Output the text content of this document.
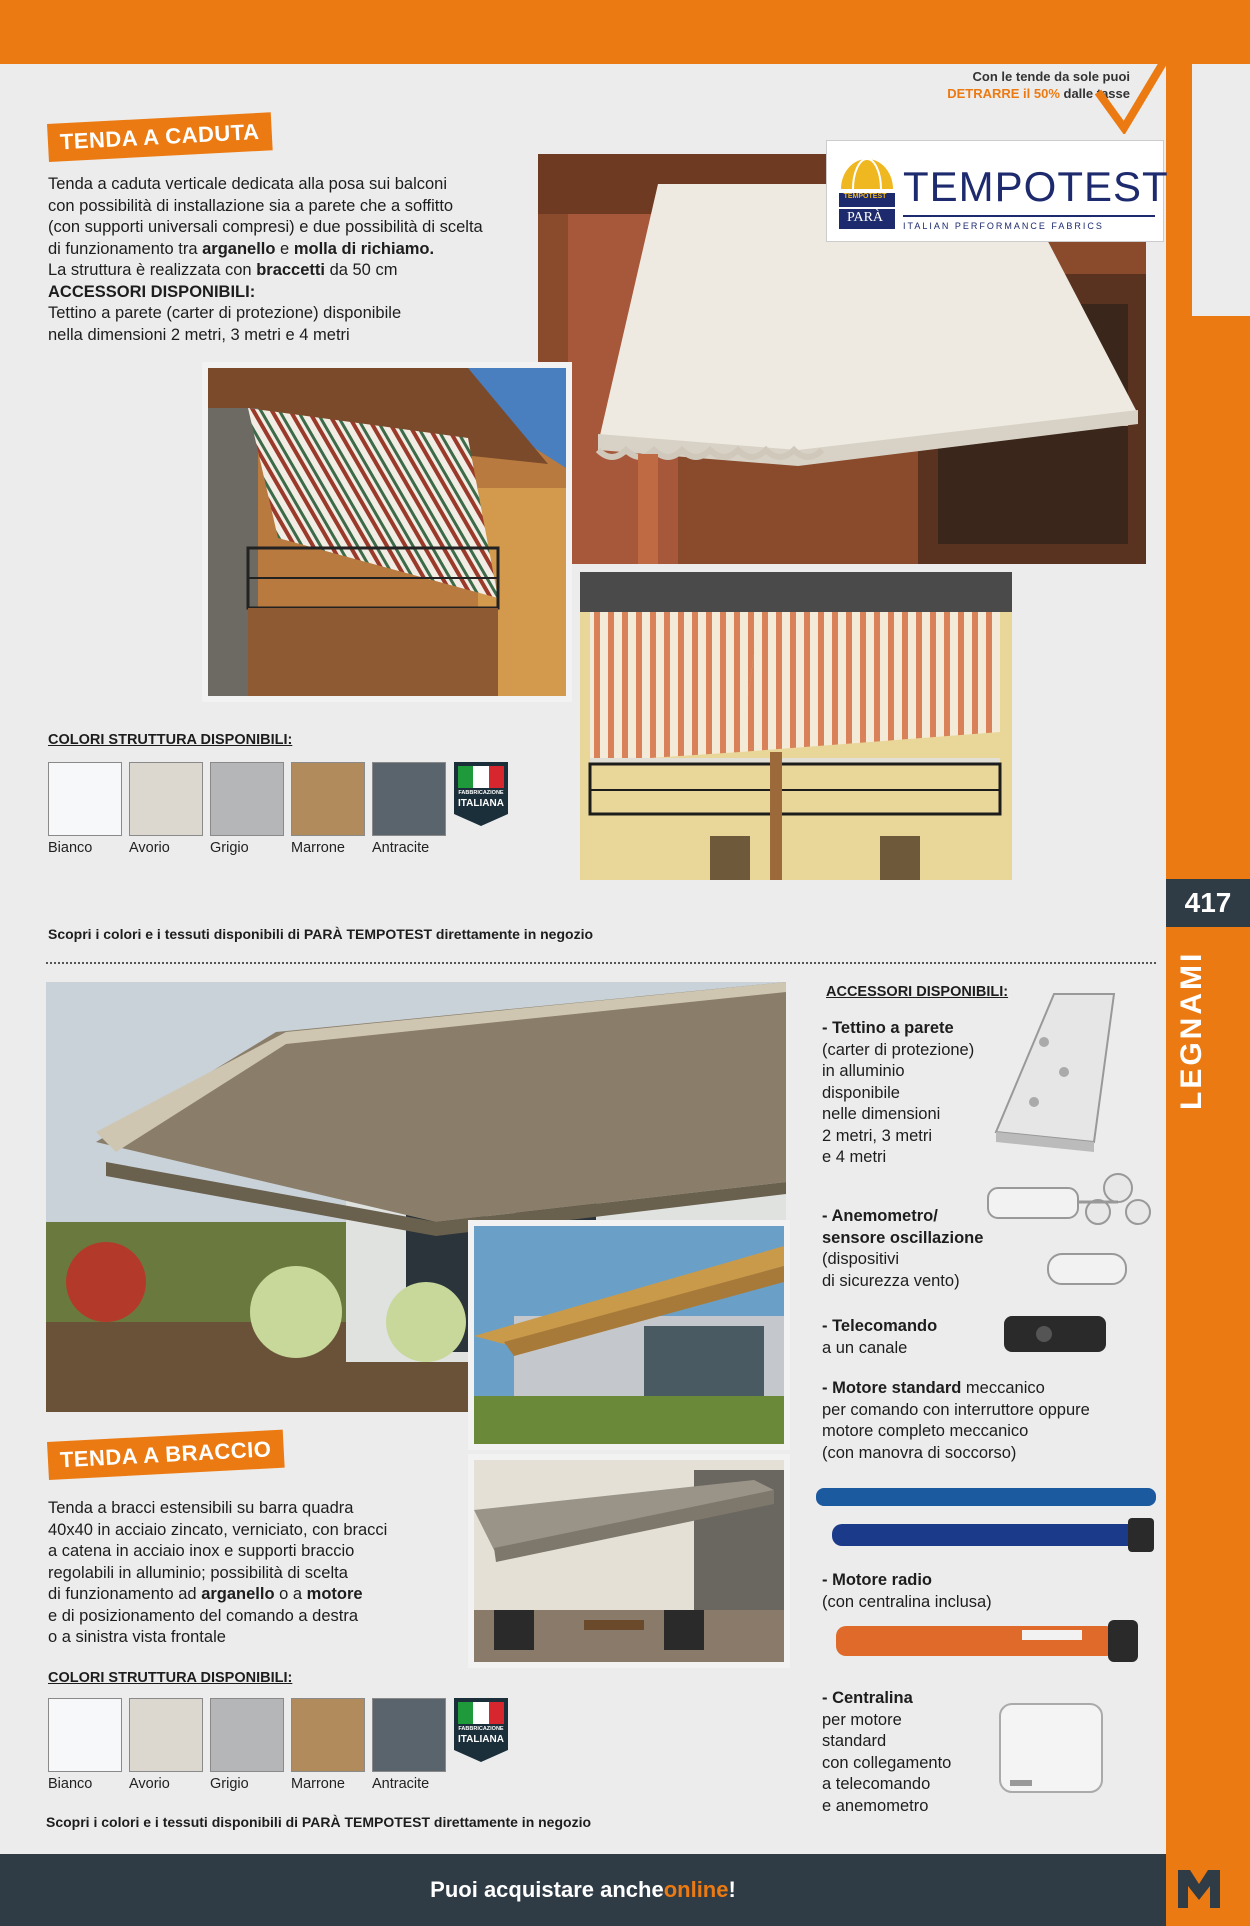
417
LEGNAMI
Con le tende da sole puoi
DETRARRE il 50% dalle tasse
TENDA A CADUTA
Tenda a caduta verticale dedicata alla posa sui balconi
con possibilità di installazione sia a parete che a soffitto
(con supporti universali compresi) e due possibilità di scelta
di funzionamento tra arganello e molla di richiamo.
La struttura è realizzata con braccetti da 50 cm
ACCESSORI DISPONIBILI:
Tettino a parete (carter di protezione) disponibile
nella dimensioni 2 metri, 3 metri e 4 metri
TEMPOTEST
PARÀ
TEMPOTEST
ITALIAN PERFORMANCE FABRICS
COLORI STRUTTURA DISPONIBILI:
Bianco	Avorio	Grigio	Marrone Antracite
FABBRICAZIONE
ITALIANA
Scopri i colori e i tessuti disponibili di PARÀ TEMPOTEST direttamente in negozio
TENDA A BRACCIO
Tenda a bracci estensibili su barra quadra
40x40 in acciaio zincato, verniciato, con bracci
a catena in acciaio inox e supporti braccio
regolabili in alluminio; possibilità di scelta
di funzionamento ad arganello o a motore
e di posizionamento del comando a destra
o a sinistra vista frontale
COLORI STRUTTURA DISPONIBILI:
Bianco	Avorio	Grigio	Marrone Antracite
FABBRICAZIONE
ITALIANA
Scopri i colori e i tessuti disponibili di PARÀ TEMPOTEST direttamente in negozio
ACCESSORI DISPONIBILI:
- Tettino a parete
(carter di protezione)
in alluminio
disponibile
nelle dimensioni
2 metri, 3 metri
e 4 metri
- Anemometro/
sensore oscillazione
(dispositivi
di sicurezza vento)
- Telecomando
a un canale
- Motore standard meccanico
per comando con interruttore oppure
motore completo meccanico
(con manovra di soccorso)
- Motore radio
(con centralina inclusa)
- Centralina
per motore
standard
con collegamento
a telecomando
e anemometro
Puoi acquistare anche online !
